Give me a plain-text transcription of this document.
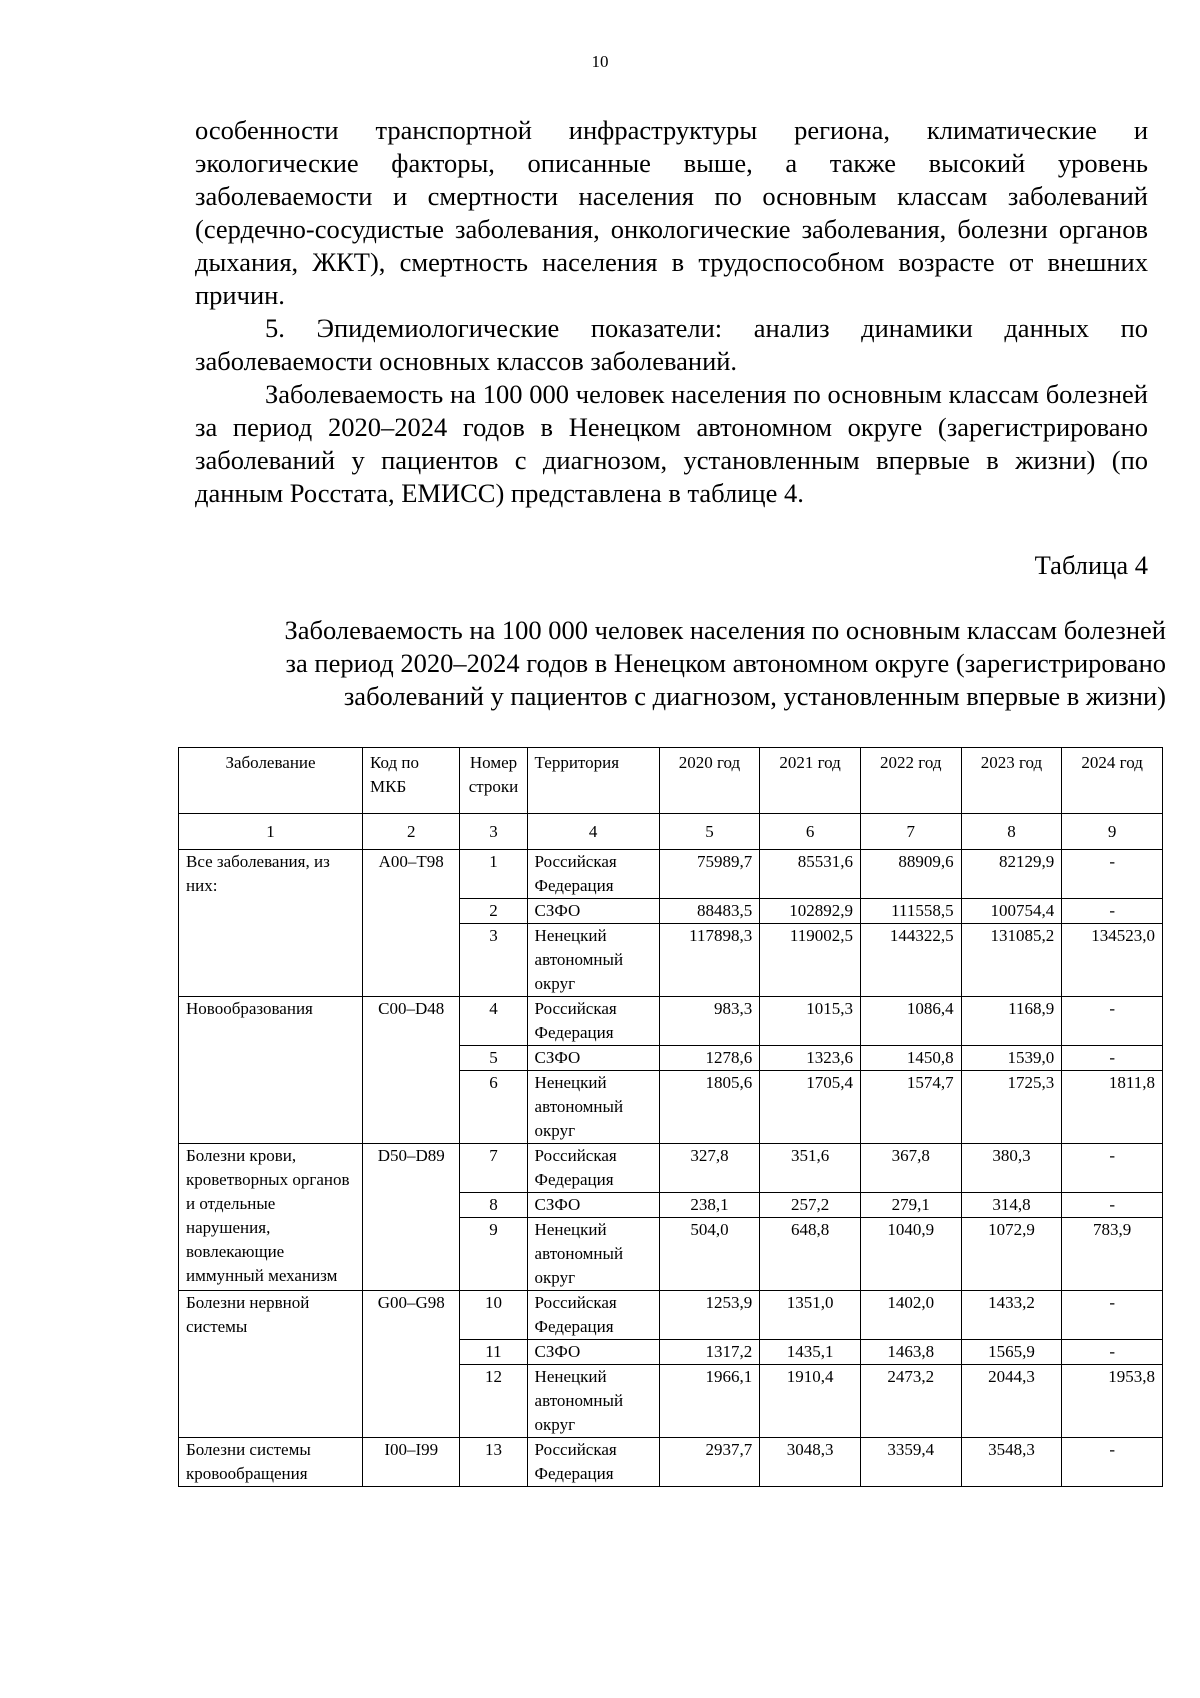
10

особенности транспортной инфраструктуры региона, климатические и экологические факторы, описанные выше, а также высокий уровень заболеваемости и смертности населения по основным классам заболеваний (сердечно-сосудистые заболевания, онкологические заболевания, болезни органов дыхания, ЖКТ), смертность населения в трудоспособном возрасте от внешних причин.

5. Эпидемиологические показатели: анализ динамики данных по заболеваемости основных классов заболеваний.

Заболеваемость на 100 000 человек населения по основным классам болезней за период 2020–2024 годов в Ненецком автономном округе (зарегистрировано заболеваний у пациентов с диагнозом, установленным впервые в жизни) (по данным Росстата, ЕМИСС) представлена в таблице 4.

Таблица 4
Заболеваемость на 100 000 человек населения по основным классам болезней
за период 2020–2024 годов в Ненецком автономном округе (зарегистрировано
заболеваний у пациентов с диагнозом, установленным впервые в жизни)
Заболевание	Код по МКБ	Номер строки	Территория	2020 год	2021 год	2022 год	2023 год	2024 год
1	2	3	4	5	6	7	8	9
Все заболевания, из них:	A00–T98	1	Российская Федерация	75989,7	85531,6	88909,6	82129,9	-
		2	СЗФО	88483,5	102892,9	111558,5	100754,4	-
		3	Ненецкий автономный округ	117898,3	119002,5	144322,5	131085,2	134523,0
Новообразования	C00–D48	4	Российская Федерация	983,3	1015,3	1086,4	1168,9	-
		5	СЗФО	1278,6	1323,6	1450,8	1539,0	-
		6	Ненецкий автономный округ	1805,6	1705,4	1574,7	1725,3	1811,8
Болезни крови, кроветворных органов и отдельные нарушения, вовлекающие иммунный механизм	D50–D89	7	Российская Федерация	327,8	351,6	367,8	380,3	-
		8	СЗФО	238,1	257,2	279,1	314,8	-
		9	Ненецкий автономный округ	504,0	648,8	1040,9	1072,9	783,9
Болезни нервной системы	G00–G98	10	Российская Федерация	1253,9	1351,0	1402,0	1433,2	-
		11	СЗФО	1317,2	1435,1	1463,8	1565,9	-
		12	Ненецкий автономный округ	1966,1	1910,4	2473,2	2044,3	1953,8
Болезни системы кровообращения	I00–I99	13	Российская Федерация	2937,7	3048,3	3359,4	3548,3	-
